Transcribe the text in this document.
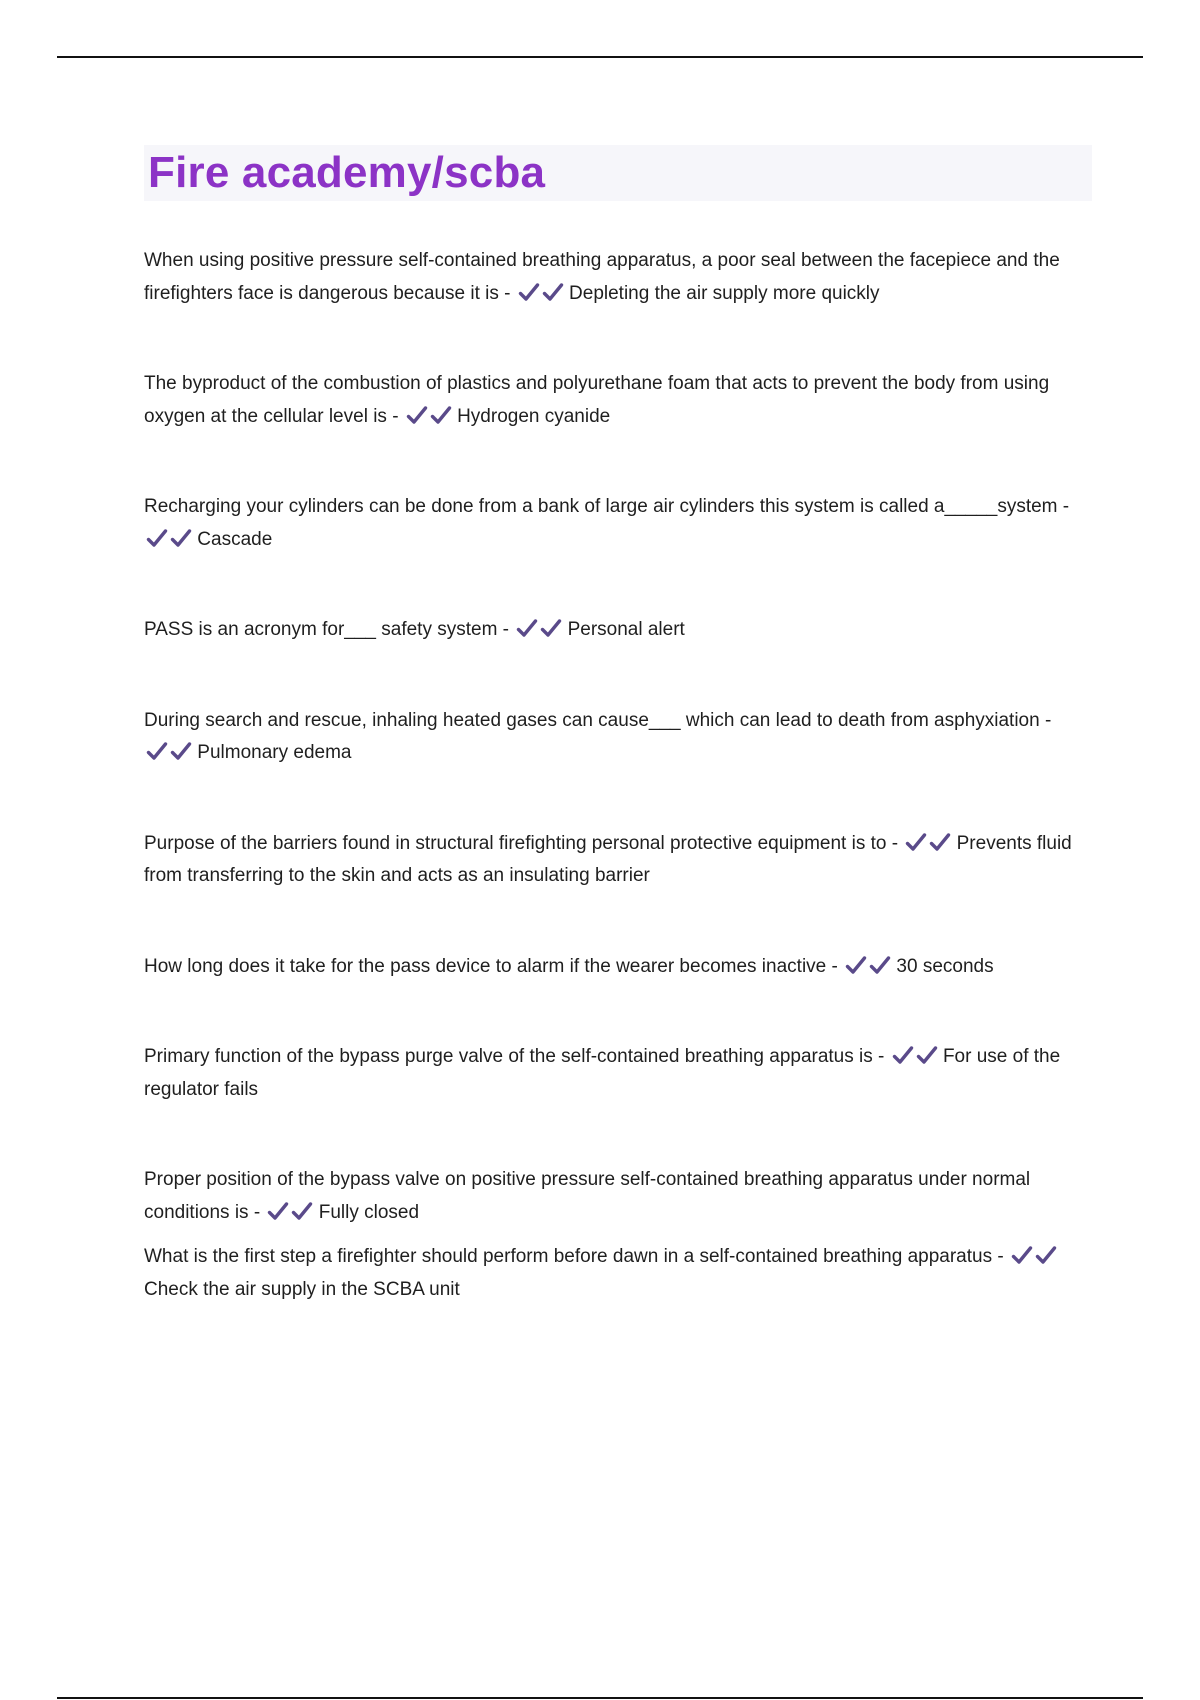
Fire academy/scba

When using positive pressure self-contained breathing apparatus, a poor seal between the facepiece and the firefighters face is dangerous because it is -	Depleting the air supply more quickly

The byproduct of the combustion of plastics and polyurethane foam that acts to prevent the body from using oxygen at the cellular level is -	Hydrogen cyanide

Recharging your cylinders can be done from a bank of large air cylinders this system is called a_____system -
Cascade

PASS is an acronym for___ safety system -	Personal alert

During search and rescue, inhaling heated gases can cause___ which can lead to death from asphyxiation -
Pulmonary edema

Purpose of the barriers found in structural firefighting personal protective equipment is to -	Prevents fluid from transferring to the skin and acts as an insulating barrier

How long does it take for the pass device to alarm if the wearer becomes inactive -	30 seconds

Primary function of the bypass purge valve of the self-contained breathing apparatus is -	For use of the regulator fails

Proper position of the bypass valve on positive pressure self-contained breathing apparatus under normal conditions is -	Fully closed

What is the first step a firefighter should perform before dawn in a self-contained breathing apparatus -
Check the air supply in the SCBA unit
